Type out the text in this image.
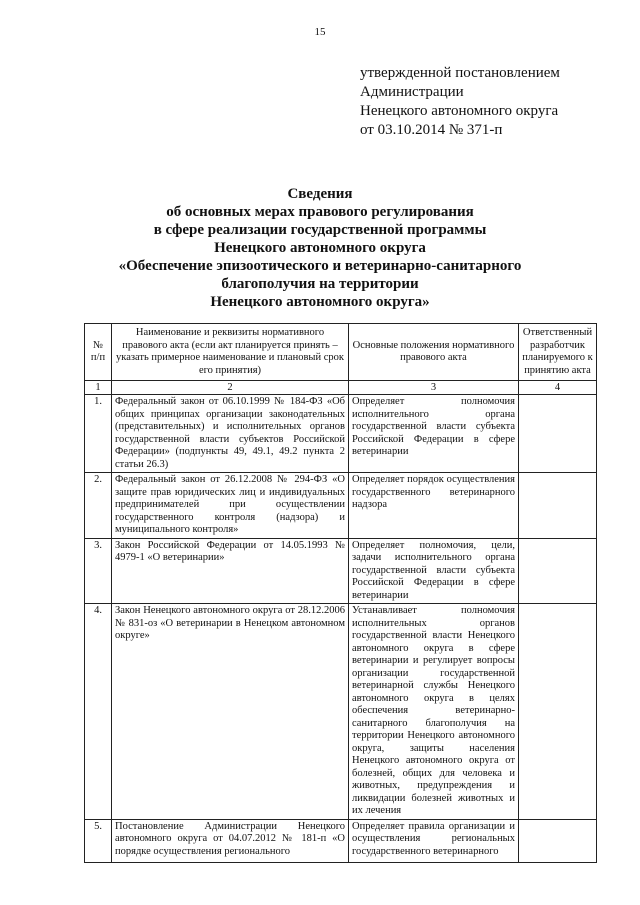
15
утвержденной постановлением
Администрации
Ненецкого автономного округа
от 03.10.2014 № 371-п
Сведения
об основных мерах правового регулирования
в сфере реализации государственной программы
Ненецкого автономного округа
«Обеспечение эпизоотического и ветеринарно-санитарного
благополучия на территории
Ненецкого автономного округа»
№ п/п	Наименование и реквизиты нормативного правового акта (если акт планируется принять – указать примерное наименование и плановый срок его принятия)	Основные положения нормативного правового акта	Ответственный разработчик планируемого к принятию акта
1	2	3	4
1.	Федеральный закон от 06.10.1999 № 184-ФЗ «Об общих принципах организации законодательных (представительных) и исполнительных органов государственной власти субъектов Российской Федерации» (подпункты 49, 49.1, 49.2 пункта 2 статьи 26.3)	Определяет полномочия исполнительного органа государственной власти субъекта Российской Федерации в сфере ветеринарии	
2.	Федеральный закон от 26.12.2008 № 294-ФЗ «О защите прав юридических лиц и индивидуальных предпринимателей при осуществлении государственного контроля (надзора) и муниципального контроля»	Определяет порядок осуществления государственного ветеринарного надзора	
3.	Закон Российской Федерации от 14.05.1993 № 4979-1 «О ветеринарии»	Определяет полномочия, цели, задачи исполнительного органа государственной власти субъекта Российской Федерации в сфере ветеринарии	
4.	Закон Ненецкого автономного округа от 28.12.2006 № 831-оз «О ветеринарии в Ненецком автономном округе»	Устанавливает полномочия исполнительных органов государственной власти Ненецкого автономного округа в сфере ветеринарии и регулирует вопросы организации государственной ветеринарной службы Ненецкого автономного округа в целях обеспечения ветеринарно-санитарного благополучия на территории Ненецкого автономного округа, защиты населения Ненецкого автономного округа от болезней, общих для человека и животных, предупреждения и ликвидации болезней животных и их лечения	
5.	Постановление Администрации Ненецкого автономного округа от 04.07.2012 № 181-п «О порядке осуществления регионального	Определяет правила организации и осуществления региональных государственного ветеринарного	
